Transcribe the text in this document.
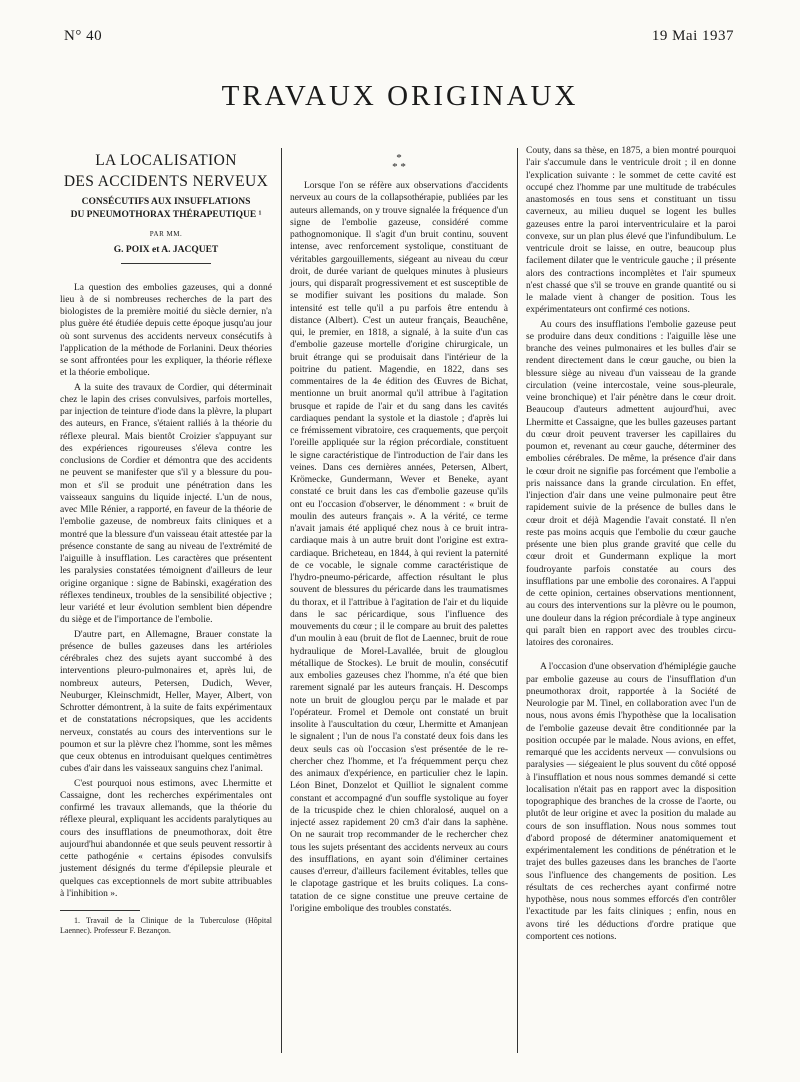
N° 40	19 Mai 1937
TRAVAUX ORIGINAUX
LA LOCALISATION
DES ACCIDENTS NERVEUX
CONSÉCUTIFS AUX INSUFFLATIONS
DU PNEUMOTHORAX THÉRAPEUTIQUE ¹
PAR MM.
G. POIX et A. JACQUET

La question des embolies gazeuses, qui a donné lieu à de si nombreuses recherches de la part des biologistes de la première moitié du siècle dernier, n'a plus guère été étudiée depuis cette époque jusqu'au jour où sont survenus des accidents nerveux consécutifs à l'application de la méthode de Forlanini. Deux théories se sont affrontées pour les expliquer, la théorie réflexe et la théorie embolique.

A la suite des travaux de Cordier, qui déterminait chez le lapin des crises convulsives, parfois mortelles, par injection de teinture d'iode dans la plèvre, la plupart des auteurs, en France, s'étaient ralliés à la théorie du réflexe pleural. Mais bientôt Croizier s'appuyant sur des expériences rigoureuses s'éleva contre les conclusions de Cordier et démontra que des accidents ne peuvent se manifester que s'il y a blessure du poumon et s'il se produit une pénétration dans les vaisseaux sanguins du liquide injecté. L'un de nous, avec Mlle Rénier, a rapporté, en faveur de la théorie de l'embolie gazeuse, de nombreux faits cliniques et a montré que la blessure d'un vaisseau était attestée par la présence constante de sang au niveau de l'extrémité de l'aiguille à insufflation. Les caractères que présentent les paralysies constatées témoignent d'ailleurs de leur origine organique : signe de Babinski, exagération des réflexes tendineux, troubles de la sensibilité objective ; leur variété et leur évolution semblent bien dépendre du siège et de l'importance de l'embolie.

D'autre part, en Allemagne, Brauer constate la présence de bulles gazeuses dans les artérioles cérébrales chez des sujets ayant succombé à des interventions pleuro-pulmonaires et, après lui, de nombreux auteurs, Petersen, Dudich, Wever, Neuburger, Kleinschmidt, Heller, Mayer, Albert, von Schrotter démontrent, à la suite de faits expérimentaux et de constatations nécropsiques, que les accidents nerveux, constatés au cours des interventions sur le poumon et sur la plèvre chez l'homme, sont les mêmes que ceux obtenus en introduisant quelques centimètres cubes d'air dans les vaisseaux sanguins chez l'animal.

C'est pourquoi nous estimons, avec Lhermitte et Cassaigne, dont les recherches expérimentales ont confirmé les travaux allemands, que la théorie du réflexe pleural, expliquant les accidents paralytiques au cours des insufflations de pneumothorax, doit être aujourd'hui abandonnée et que seuls peuvent ressortir à cette pathogénie « certains épisodes convulsifs justement désignés du terme d'épilepsie pleurale et quelques cas exceptionnels de mort subite attribuables à l'inhibition ».

1. Travail de la Clinique de la Tuberculose (Hôpital Laennec). Professeur F. Bezançon.

*
* *

Lorsque l'on se réfère aux observations d'accidents nerveux au cours de la collapsothérapie, publiées par les auteurs allemands, on y trouve signalée la fréquence d'un signe de l'embolie gazeuse, considéré comme pathognomonique. Il s'agit d'un bruit continu, souvent intense, avec renforcement systolique, constituant de véritables gargouillements, siégeant au niveau du cœur droit, de durée variant de quelques minutes à plusieurs jours, qui disparaît progressivement et est susceptible de se modifier suivant les positions du malade. Son intensité est telle qu'il a pu parfois être entendu à distance (Albert). C'est un auteur français, Beauchêne, qui, le premier, en 1818, a signalé, à la suite d'un cas d'embolie gazeuse mortelle d'origine chirurgicale, un bruit étrange qui se produisait dans l'intérieur de la poitrine du patient. Magendie, en 1822, dans ses commentaires de la 4e édition des Œuvres de Bichat, mentionne un bruit anormal qu'il attribue à l'agitation brusque et rapide de l'air et du sang dans les cavités cardiaques pendant la systole et la diastole ; d'après lui ce frémissement vibratoire, ces craquements, que perçoit l'oreille appliquée sur la région précordiale, constituent le signe caractéristique de l'introduction de l'air dans les veines. Dans ces dernières années, Petersen, Albert, Krömecke, Gundermann, Wever et Beneke, ayant constaté ce bruit dans les cas d'embolie gazeuse qu'ils ont eu l'occasion d'observer, le dénomment : « bruit de moulin des auteurs français ». A la vérité, ce terme n'avait jamais été appliqué chez nous à ce bruit intra-cardiaque mais à un autre bruit dont l'origine est extra-cardiaque. Bricheteau, en 1844, à qui revient la paternité de ce vocable, le signale comme caractéristique de l'hydro-pneumo-péricarde, affection résultant le plus souvent de blessures du péricarde dans les traumatismes du thorax, et il l'attribue à l'agitation de l'air et du liquide dans le sac péricardique, sous l'influence des mouvements du cœur ; il le compare au bruit des palettes d'un moulin à eau (bruit de flot de Laennec, bruit de roue hydraulique de Morel-Lavallée, bruit de glouglou métallique de Stockes). Le bruit de moulin, consécutif aux embolies gazeuses chez l'homme, n'a été que bien rarement signalé par les auteurs français. H. Descomps note un bruit de glouglou perçu par le malade et par l'opérateur. Fromel et Demole ont constaté un bruit insolite à l'auscultation du cœur, Lhermitte et Amanjean le signalent ; l'un de nous l'a constaté deux fois dans les deux seuls cas où l'occasion s'est présentée de le rechercher chez l'homme, et l'a fréquemment perçu chez des animaux d'expérience, en particulier chez le lapin. Léon Binet, Donzelot et Quilliot le signalent comme constant et accompagné d'un souffle systolique au foyer de la tricuspide chez le chien chloralosé, auquel on a injecté assez rapidement 20 cm3 d'air dans la saphène. On ne saurait trop recommander de le rechercher chez tous les sujets présentant des accidents nerveux au cours des insufflations, en ayant soin d'éliminer certaines causes d'erreur, d'ailleurs facilement évitables, telles que le clapotage gastrique et les bruits coliques. La constatation de ce signe constitue une preuve certaine de l'origine embolique des troubles constatés.

Couty, dans sa thèse, en 1875, a bien montré pourquoi l'air s'accumule dans le ventricule droit ; il en donne l'explication suivante : le sommet de cette cavité est occupé chez l'homme par une multitude de trabécules anastomosés en tous sens et constituant un tissu caverneux, au milieu duquel se logent les bulles gazeuses entre la paroi interventriculaire et la paroi convexe, sur un plan plus élevé que l'infundibulum. Le ventricule droit se laisse, en outre, beaucoup plus facilement dilater que le ventricule gauche ; il présente alors des contractions incomplètes et l'air spumeux n'est chassé que s'il se trouve en grande quantité ou si le malade vient à changer de position. Tous les expérimentateurs ont confirmé ces notions.

Au cours des insufflations l'embolie gazeuse peut se produire dans deux conditions : l'aiguille lèse une branche des veines pulmonaires et les bulles d'air se rendent directement dans le cœur gauche, ou bien la blessure siège au niveau d'un vaisseau de la grande circulation (veine intercostale, veine sous-pleurale, veine bronchique) et l'air pénètre dans le cœur droit. Beaucoup d'auteurs admettent aujourd'hui, avec Lhermitte et Cassaigne, que les bulles gazeuses partant du cœur droit peuvent traverser les capillaires du poumon et, revenant au cœur gauche, déterminer des embolies cérébrales. De même, la présence d'air dans le cœur droit ne signifie pas forcément que l'embolie a pris naissance dans la grande circulation. En effet, l'injection d'air dans une veine pulmonaire peut être rapidement suivie de la présence de bulles dans le cœur droit et déjà Magendie l'avait constaté. Il n'en reste pas moins acquis que l'embolie du cœur gauche présente une bien plus grande gravité que celle du cœur droit et Gundermann explique la mort foudroyante parfois constatée au cours des insufflations par une embolie des coronaires. A l'appui de cette opinion, certaines observations mentionnent, au cours des interventions sur la plèvre ou le poumon, une douleur dans la région précordiale à type angineux qui paraît bien en rapport avec des troubles circulatoires des coronaires.

A l'occasion d'une observation d'hémiplégie gauche par embolie gazeuse au cours de l'insufflation d'un pneumothorax droit, rapportée à la Société de Neurologie par M. Tinel, en collaboration avec l'un de nous, nous avons émis l'hypothèse que la localisation de l'embolie gazeuse devait être conditionnée par la position occupée par le malade. Nous avions, en effet, remarqué que les accidents nerveux — convulsions ou paralysies — siégeaient le plus souvent du côté opposé à l'insufflation et nous nous sommes demandé si cette localisation n'était pas en rapport avec la disposition topographique des branches de la crosse de l'aorte, ou plutôt de leur origine et avec la position du malade au cours de son insufflation. Nous nous sommes tout d'abord proposé de déterminer anatomiquement et expérimentalement les conditions de pénétration et le trajet des bulles gazeuses dans les branches de l'aorte sous l'influence des changements de position. Les résultats de ces recherches ayant confirmé notre hypothèse, nous nous sommes efforcés d'en contrôler l'exactitude par les faits cliniques ; enfin, nous en avons tiré les déductions d'ordre pratique que comportent ces notions.
